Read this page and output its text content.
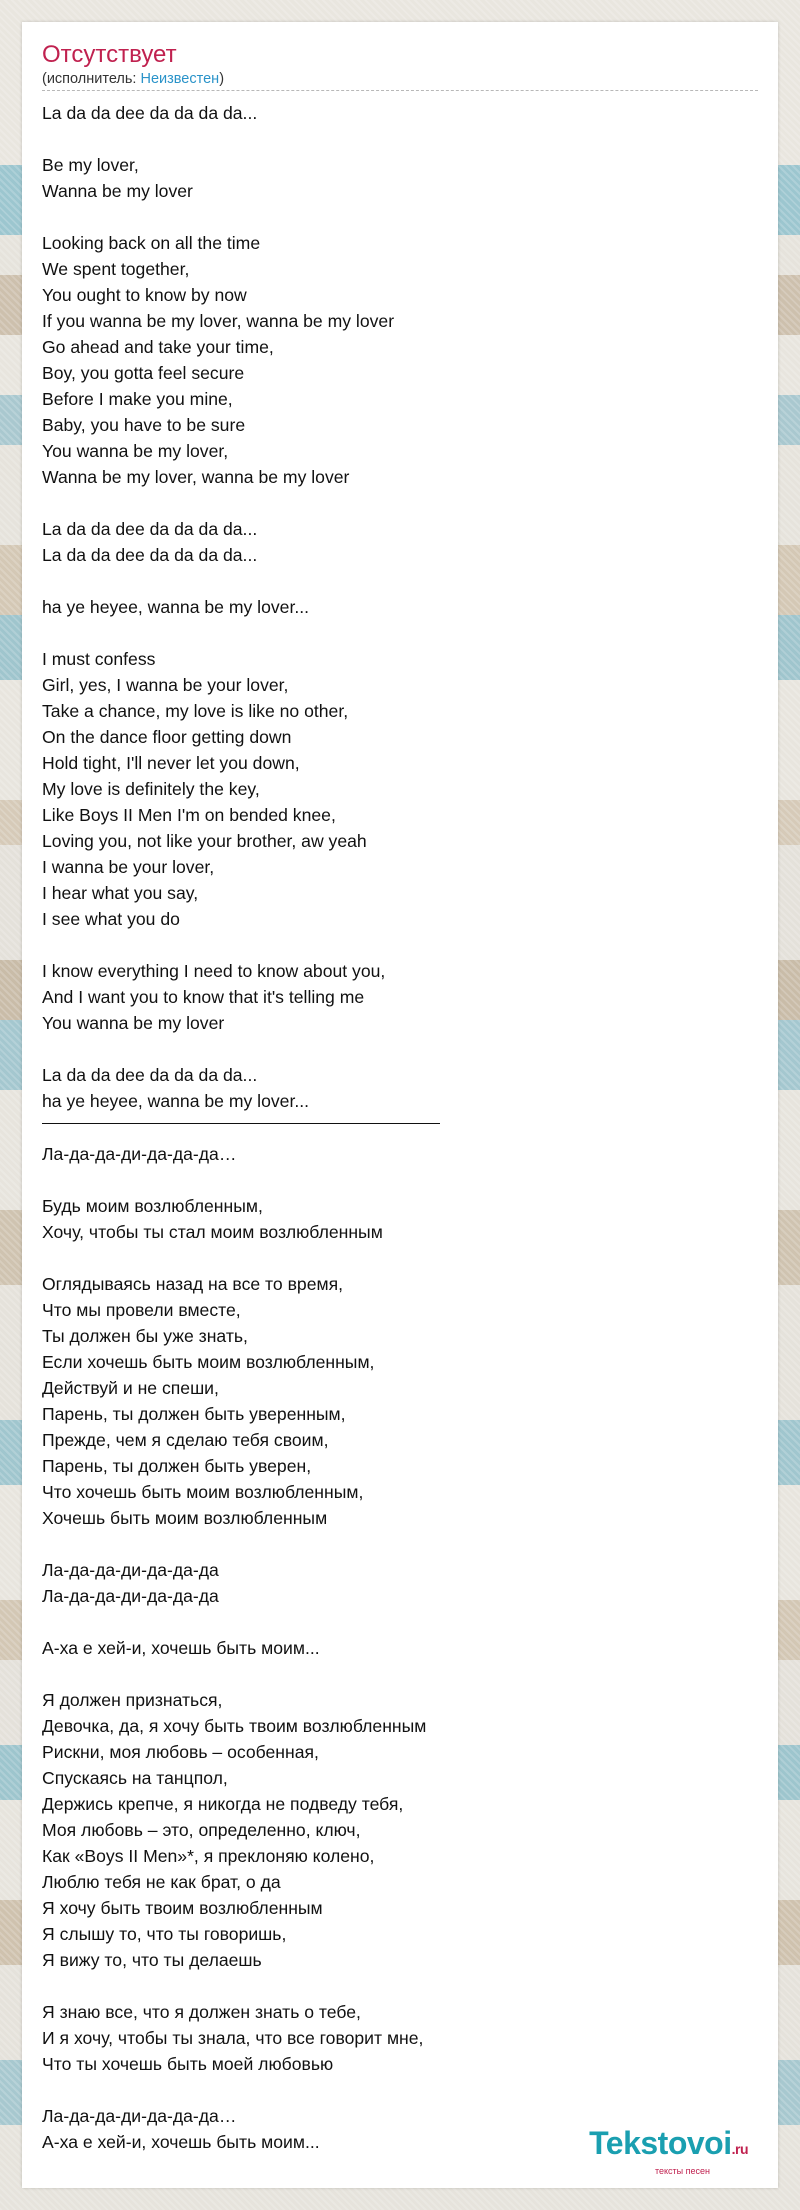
Отсутствует
(исполнитель: Неизвестен)
La da da dee da da da da...
Be my lover,
Wanna be my lover
Looking back on all the time
We spent together,
You ought to know by now
If you wanna be my lover, wanna be my lover
Go ahead and take your time,
Boy, you gotta feel secure
Before I make you mine,
Baby, you have to be sure
You wanna be my lover,
Wanna be my lover, wanna be my lover
La da da dee da da da da...
La da da dee da da da da...
ha ye heyee, wanna be my lover...
I must confess
Girl, yes, I wanna be your lover,
Take a chance, my love is like no other,
On the dance floor getting down
Hold tight, I'll never let you down,
My love is definitely the key,
Like Boys II Men I'm on bended knee,
Loving you, not like your brother, aw yeah
I wanna be your lover,
I hear what you say,
I see what you do
I know everything I need to know about you,
And I want you to know that it's telling me
You wanna be my lover
La da da dee da da da da...
ha ye heyee, wanna be my lover...
Ла-да-да-ди-да-да-да…
Будь моим возлюбленным,
Хочу, чтобы ты стал моим возлюбленным
Оглядываясь назад на все то время,
Что мы провели вместе,
Ты должен бы уже знать,
Если хочешь быть моим возлюбленным,
Действуй и не спеши,
Парень, ты должен быть уверенным,
Прежде, чем я сделаю тебя своим,
Парень, ты должен быть уверен,
Что хочешь быть моим возлюбленным,
Хочешь быть моим возлюбленным
Ла-да-да-ди-да-да-да
Ла-да-да-ди-да-да-да
А-ха е хей-и, хочешь быть моим...
Я должен признаться,
Девочка, да, я хочу быть твоим возлюбленным
Рискни, моя любовь – особенная,
Спускаясь на танцпол,
Держись крепче, я никогда не подведу тебя,
Моя любовь – это, определенно, ключ,
Как «Boys II Men»*, я преклоняю колено,
Люблю тебя не как брат, о да
Я хочу быть твоим возлюбленным
Я слышу то, что ты говоришь,
Я вижу то, что ты делаешь
Я знаю все, что я должен знать о тебе,
И я хочу, чтобы ты знала, что все говорит мне,
Что ты хочешь быть моей любовью
Ла-да-да-ди-да-да-да…
А-ха е хей-и, хочешь быть моим...	Tekstovoi.ru
тексты песен
